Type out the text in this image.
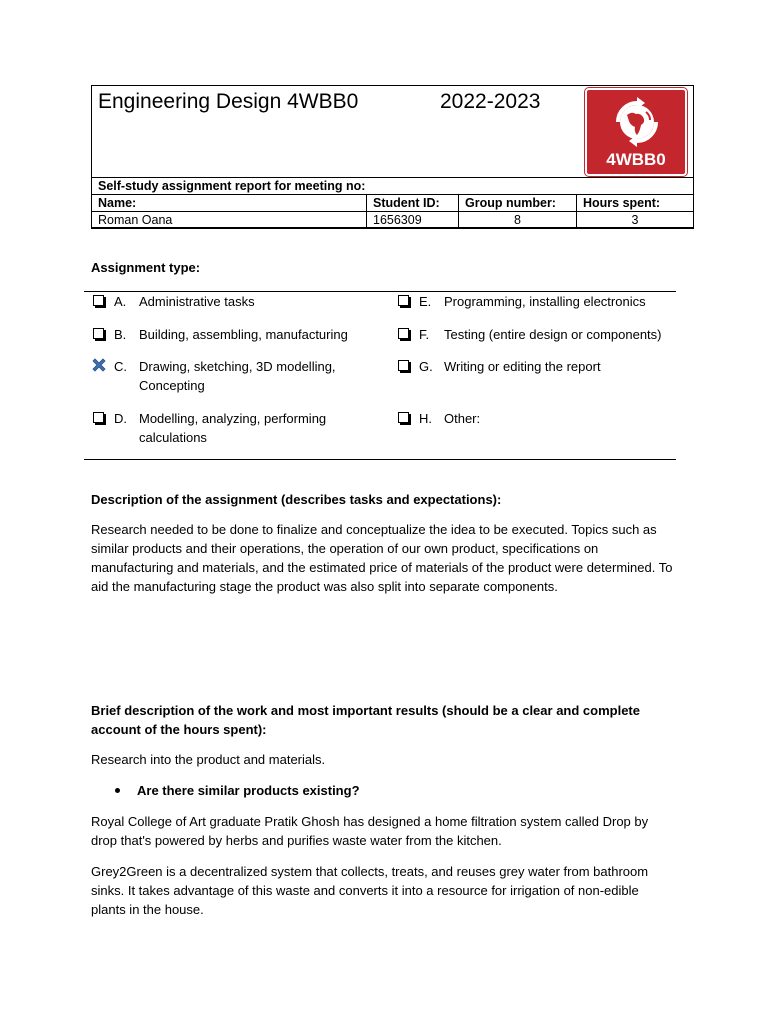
Engineering Design 4WBB0	2022-2023
4WBB0
Self-study assignment report for meeting no:			
Name:	Student ID:	Group number:	Hours spent:
Roman Oana	1656309	8	3
Assignment type:
A. Administrative tasks
B. Building, assembling, manufacturing
C. Drawing, sketching, 3D modelling, Concepting
D. Modelling, analyzing, performing calculations
E. Programming, installing electronics
F. Testing (entire design or components)
G. Writing or editing the report
H. Other:
Description of the assignment (describes tasks and expectations):
Research needed to be done to finalize and conceptualize the idea to be executed. Topics such as similar products and their operations, the operation of our own product, specifications on manufacturing and materials, and the estimated price of materials of the product were determined. To aid the manufacturing stage the product was also split into separate components.
Brief description of the work and most important results (should be a clear and complete account of the hours spent):
Research into the product and materials.
Are there similar products existing?
Royal College of Art graduate Pratik Ghosh has designed a home filtration system called Drop by drop that's powered by herbs and purifies waste water from the kitchen.
Grey2Green is a decentralized system that collects, treats, and reuses grey water from bathroom sinks. It takes advantage of this waste and converts it into a resource for irrigation of non-edible plants in the house.
